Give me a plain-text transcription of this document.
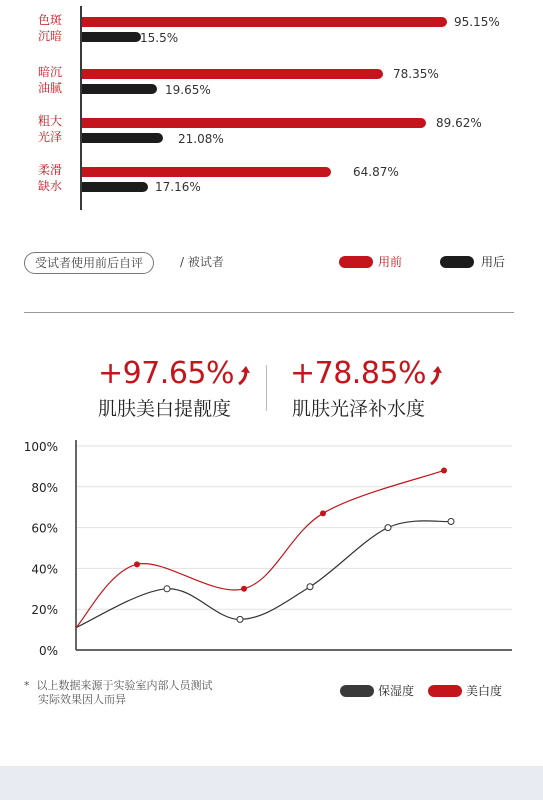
色斑
沉暗
暗沉
油腻
粗大
光泽
柔滑
缺水
95.15%
15.5%
78.35%
19.65%
89.62%
21.08%
64.87%
17.16%
受试者使用前后自评	/ 被试者	用前	用后
+97.65%
肌肤美白提靓度
+78.85%
肌肤光泽补水度
100%
80%
60%
40%
20%
0%
* 以上数据来源于实验室内部人员测试
实际效果因人而异
保湿度	美白度
